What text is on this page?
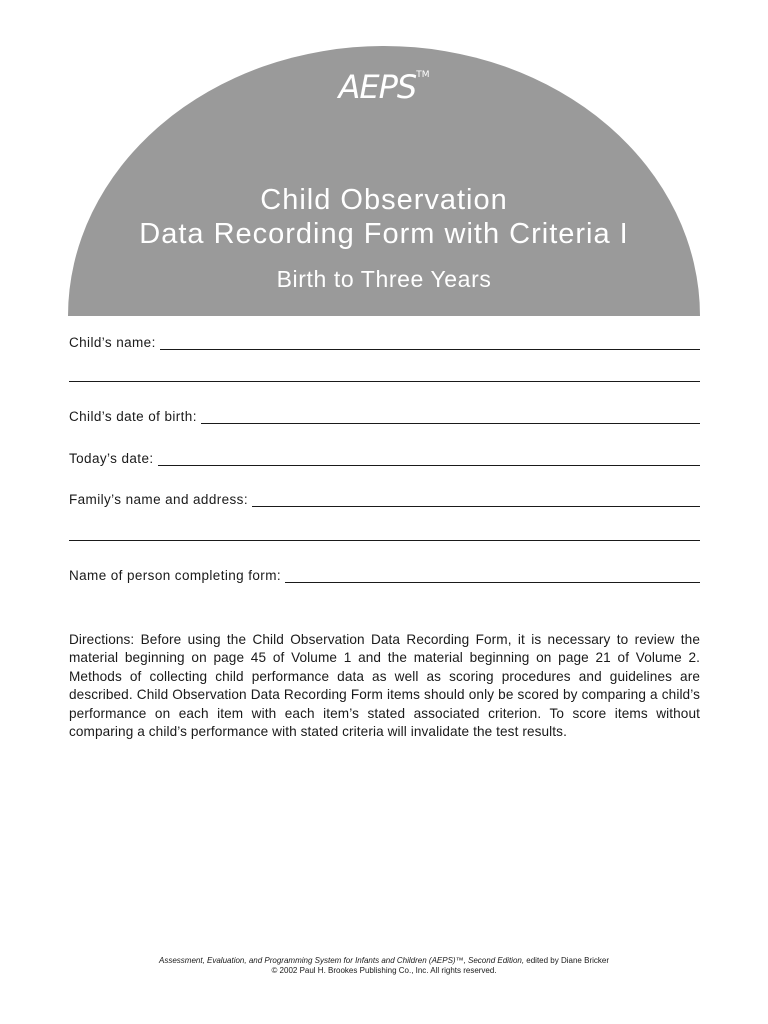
AEPS™
Child Observation
Data Recording Form with Criteria I
Birth to Three Years
Child’s name:
Child’s date of birth:
Today’s date:
Family’s name and address:
Name of person completing form:
Directions: Before using the Child Observation Data Recording Form, it is necessary to review the material beginning on page 45 of Volume 1 and the material beginning on page 21 of Volume 2. Methods of collecting child performance data as well as scoring procedures and guidelines are described. Child Observation Data Recording Form items should only be scored by comparing a child’s performance on each item with each item’s stated associated criterion. To score items without comparing a child’s performance with stated criteria will invalidate the test results.
Assessment, Evaluation, and Programming System for Infants and Children (AEPS)™, Second Edition, edited by Diane Bricker
© 2002 Paul H. Brookes Publishing Co., Inc. All rights reserved.
